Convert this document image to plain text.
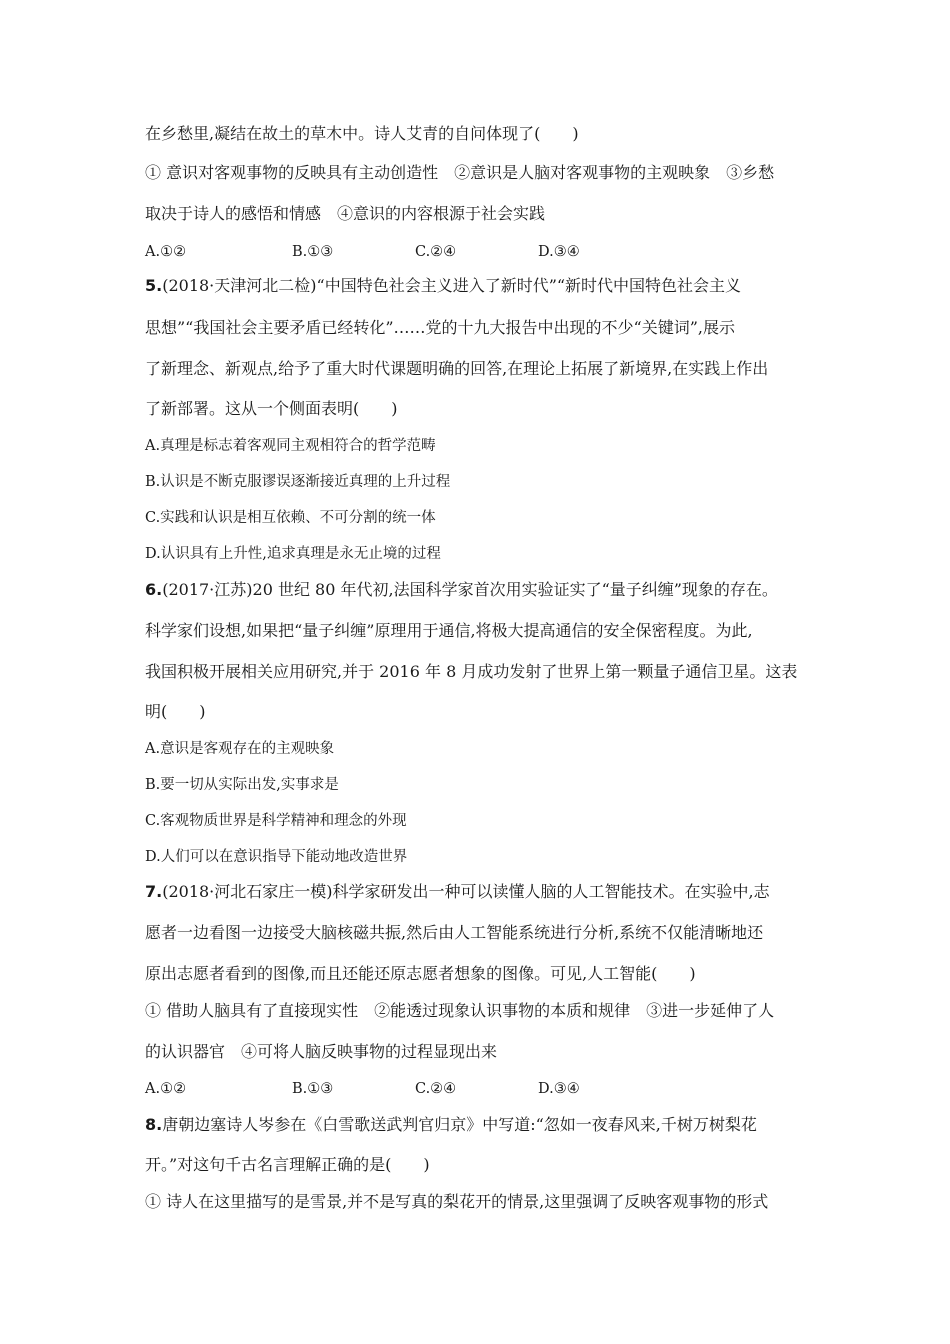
在乡愁里,凝结在故土的草木中。诗人艾青的自问体现了(　　)
① 意识对客观事物的反映具有主动创造性　②意识是人脑对客观事物的主观映象　③乡愁
取决于诗人的感悟和情感　④意识的内容根源于社会实践
A.①②	B.①③	C.②④	D.③④
5.(2018·天津河北二检)“中国特色社会主义进入了新时代”“新时代中国特色社会主义
思想”“我国社会主要矛盾已经转化”……党的十九大报告中出现的不少“关键词”,展示
了新理念、新观点,给予了重大时代课题明确的回答,在理论上拓展了新境界,在实践上作出
了新部署。这从一个侧面表明(　　)
A.真理是标志着客观同主观相符合的哲学范畴
B.认识是不断克服谬误逐渐接近真理的上升过程
C.实践和认识是相互依赖、不可分割的统一体
D.认识具有上升性,追求真理是永无止境的过程
6.(2017·江苏)20 世纪 80 年代初,法国科学家首次用实验证实了“量子纠缠”现象的存在。
科学家们设想,如果把“量子纠缠”原理用于通信,将极大提高通信的安全保密程度。为此,
我国积极开展相关应用研究,并于 2016 年 8 月成功发射了世界上第一颗量子通信卫星。这表
明(　　)
A.意识是客观存在的主观映象
B.要一切从实际出发,实事求是
C.客观物质世界是科学精神和理念的外现
D.人们可以在意识指导下能动地改造世界
7.(2018·河北石家庄一模)科学家研发出一种可以读懂人脑的人工智能技术。在实验中,志
愿者一边看图一边接受大脑核磁共振,然后由人工智能系统进行分析,系统不仅能清晰地还
原出志愿者看到的图像,而且还能还原志愿者想象的图像。可见,人工智能(　　)
① 借助人脑具有了直接现实性　②能透过现象认识事物的本质和规律　③进一步延伸了人
的认识器官　④可将人脑反映事物的过程显现出来
A.①②	B.①③	C.②④	D.③④
8.唐朝边塞诗人岑参在《白雪歌送武判官归京》中写道:“忽如一夜春风来,千树万树梨花
开。”对这句千古名言理解正确的是(　　)
① 诗人在这里描写的是雪景,并不是写真的梨花开的情景,这里强调了反映客观事物的形式
